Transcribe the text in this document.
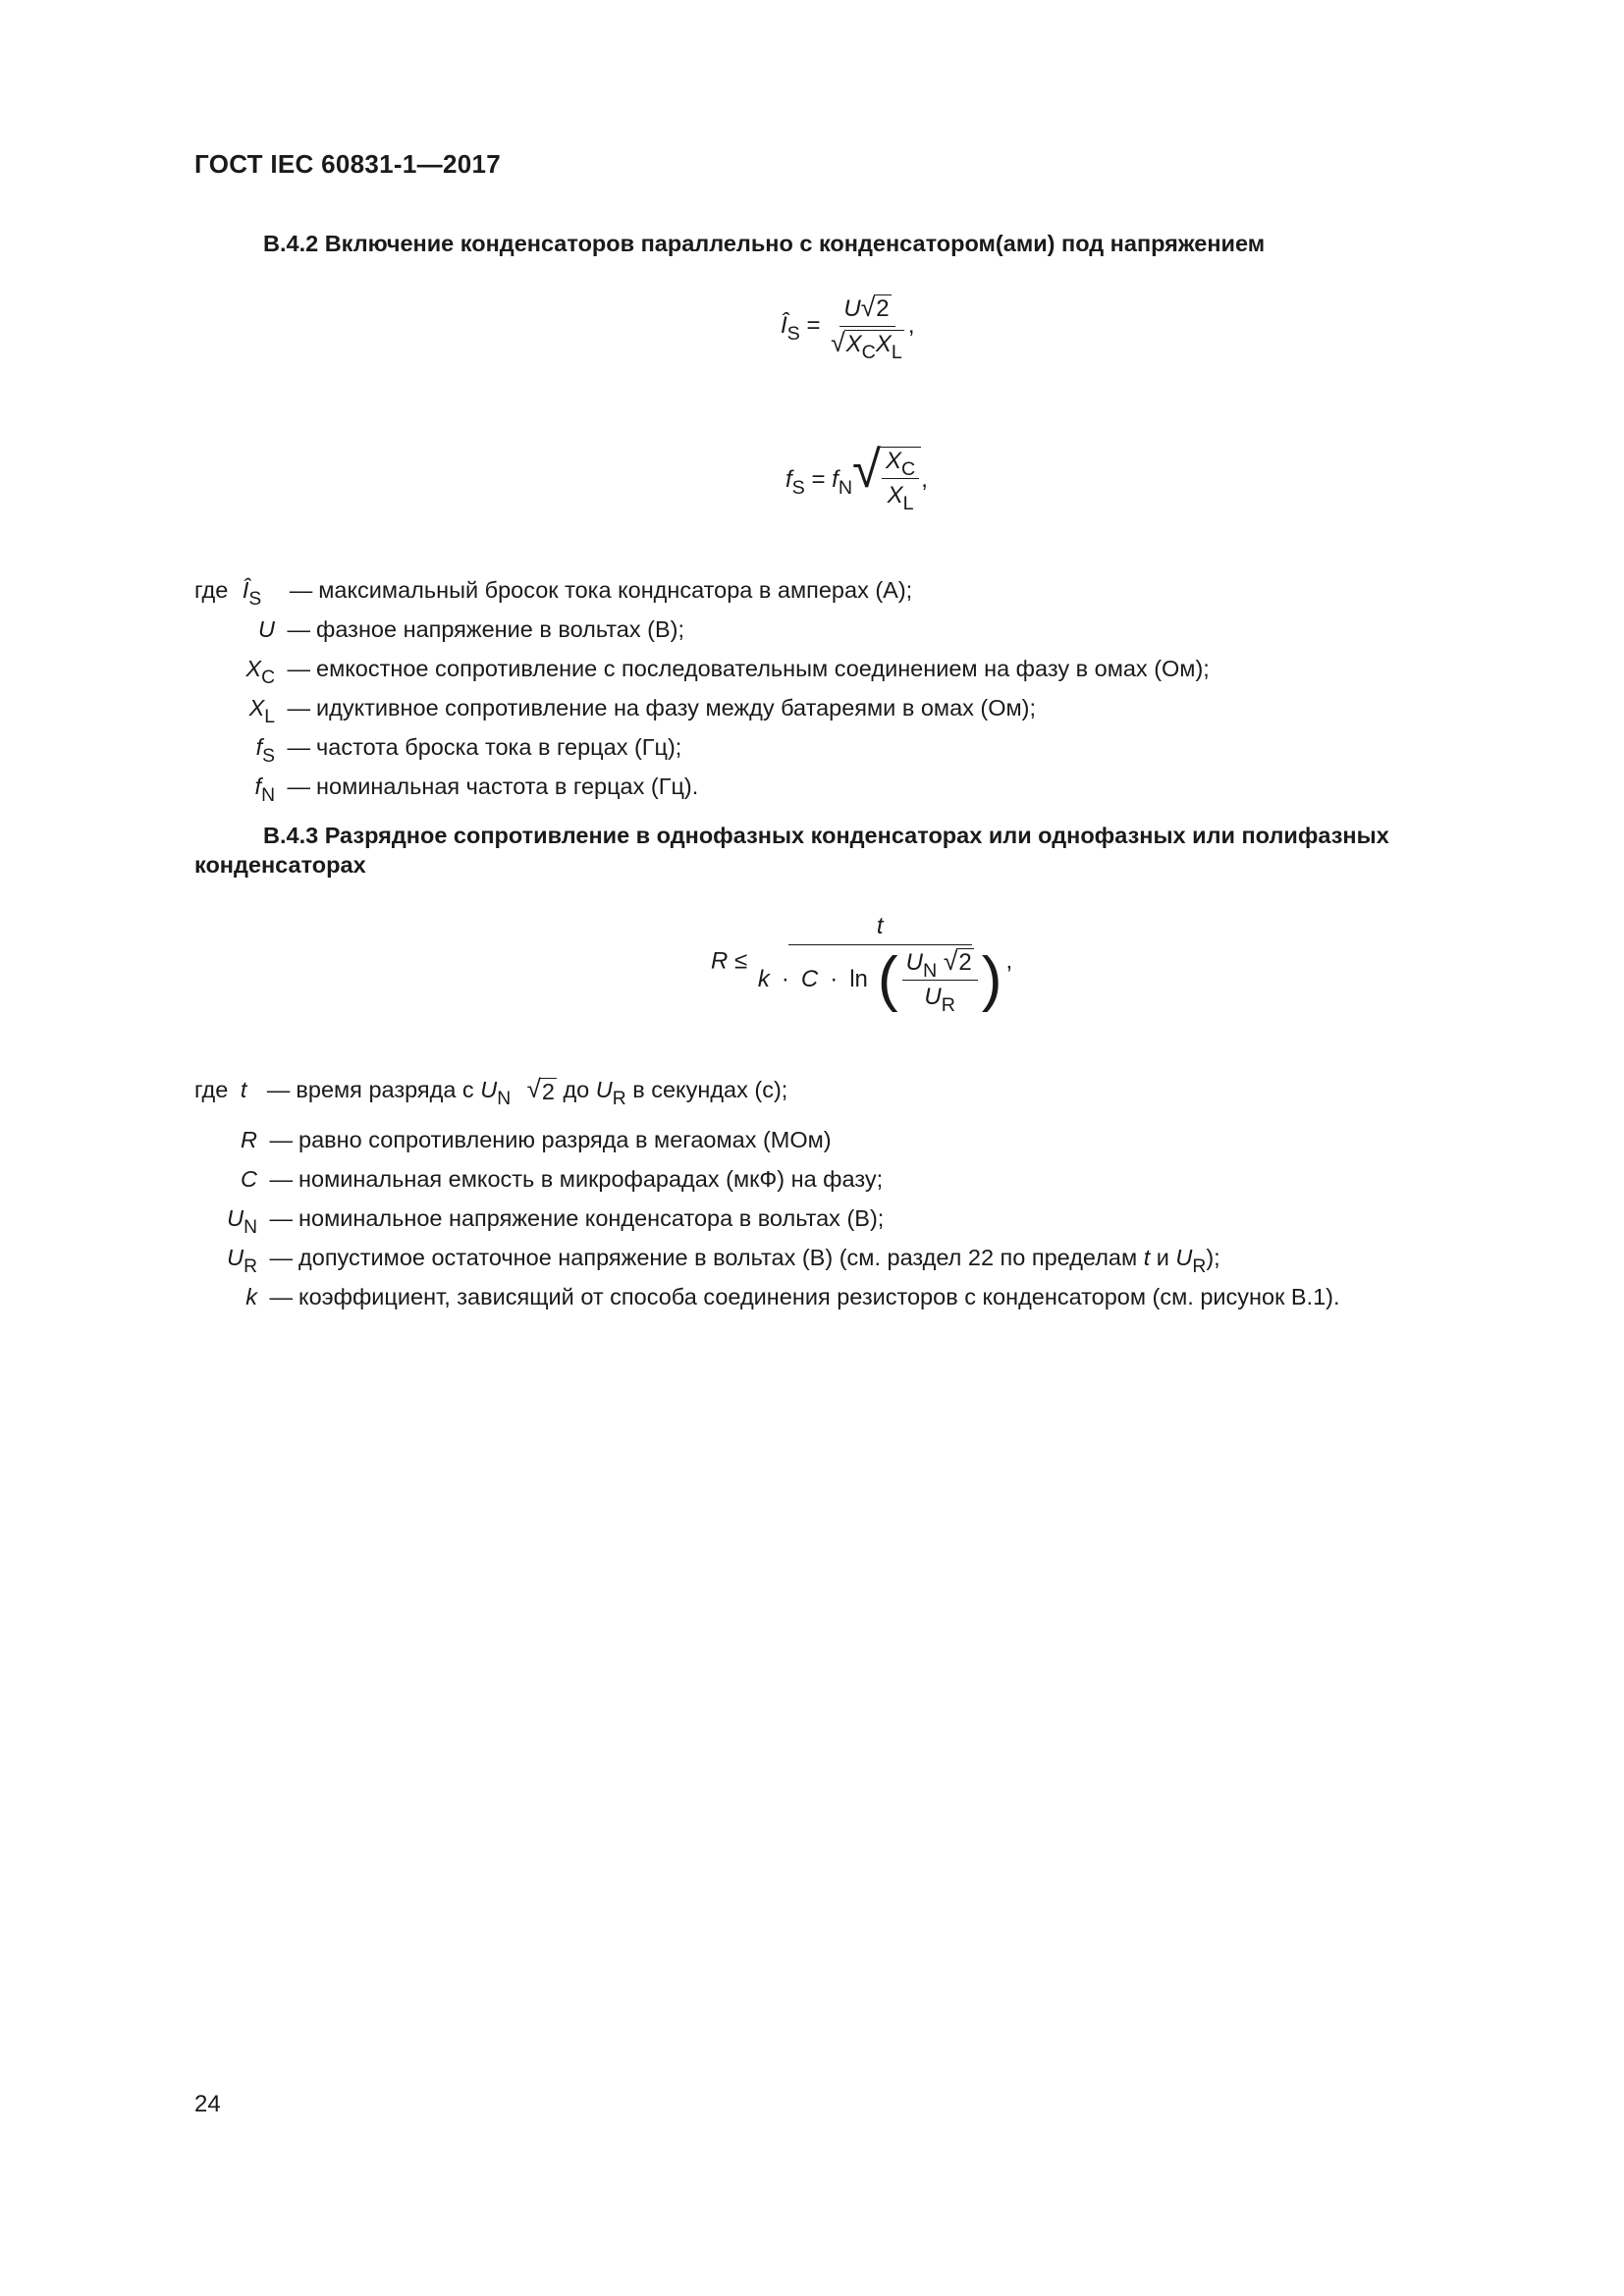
ГОСТ IEC 60831-1—2017
В.4.2 Включение конденсаторов параллельно с конденсатором(ами) под напряжением
$Î_S = \frac{U √ 2}{√ X_CX_L}$ ,
$f_S = f_N$ √ $\frac{X_C}{X_L}$ ,
где $Î_S$ — максимальный бросок тока конднсатора в амперах (А);
U — фазное напряжение в вольтах (В);
$X_C$ — емкостное сопротивление с последовательным соединением на фазу в омах (Ом);
$X_L$ — идуктивное сопротивление на фазу между батареями в омах (Ом);
$f_S$ — частота броска тока в герцах (Гц);
$f_N$ — номинальная частота в герцах (Гц).
В.4.3 Разрядное сопротивление в однофазных конденсаторах или однофазных или полифазных
конденсаторах
R ≤
t
k · C · ln ( $\frac{U_N √ 2}{U_R}$ ) ,
где t — время разряда с $U_N$ √ 2 до $U_R$ в секундах (с);
R — равно сопротивлению разряда в мегаомах (МОм)
C — номинальная емкость в микрофарадах (мкФ) на фазу;
$U_N$ — номинальное напряжение конденсатора в вольтах (В);
$U_R$ — допустимое остаточное напряжение в вольтах (В) (см. раздел 22 по пределам t и $U_R$);
k — коэффициент, зависящий от способа соединения резисторов с конденсатором (см. рисунок В.1).
24
